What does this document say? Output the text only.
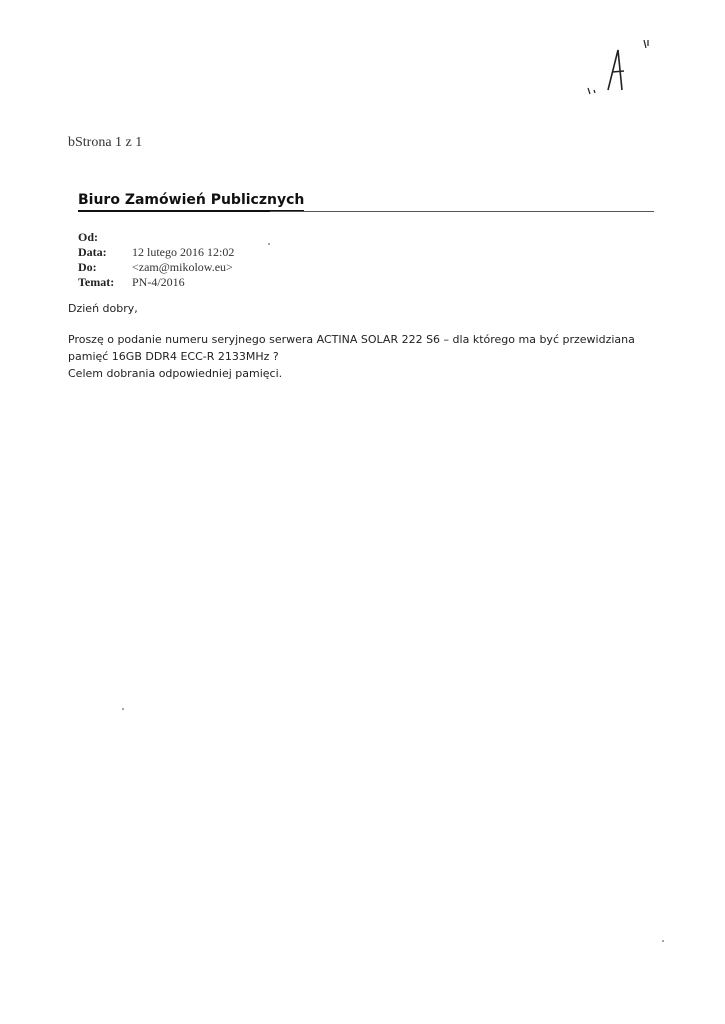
bStrona 1 z 1
Biuro Zamówień Publicznych
Od:
Data:	12 lutego 2016 12:02
Do:	<zam@mikolow.eu>
Temat:	PN-4/2016

Dzień dobry,

Proszę o podanie numeru seryjnego serwera ACTINA SOLAR 222 S6 – dla którego ma być przewidziana

pamięć 16GB DDR4 ECC-R 2133MHz ?

Celem dobrania odpowiedniej pamięci.
